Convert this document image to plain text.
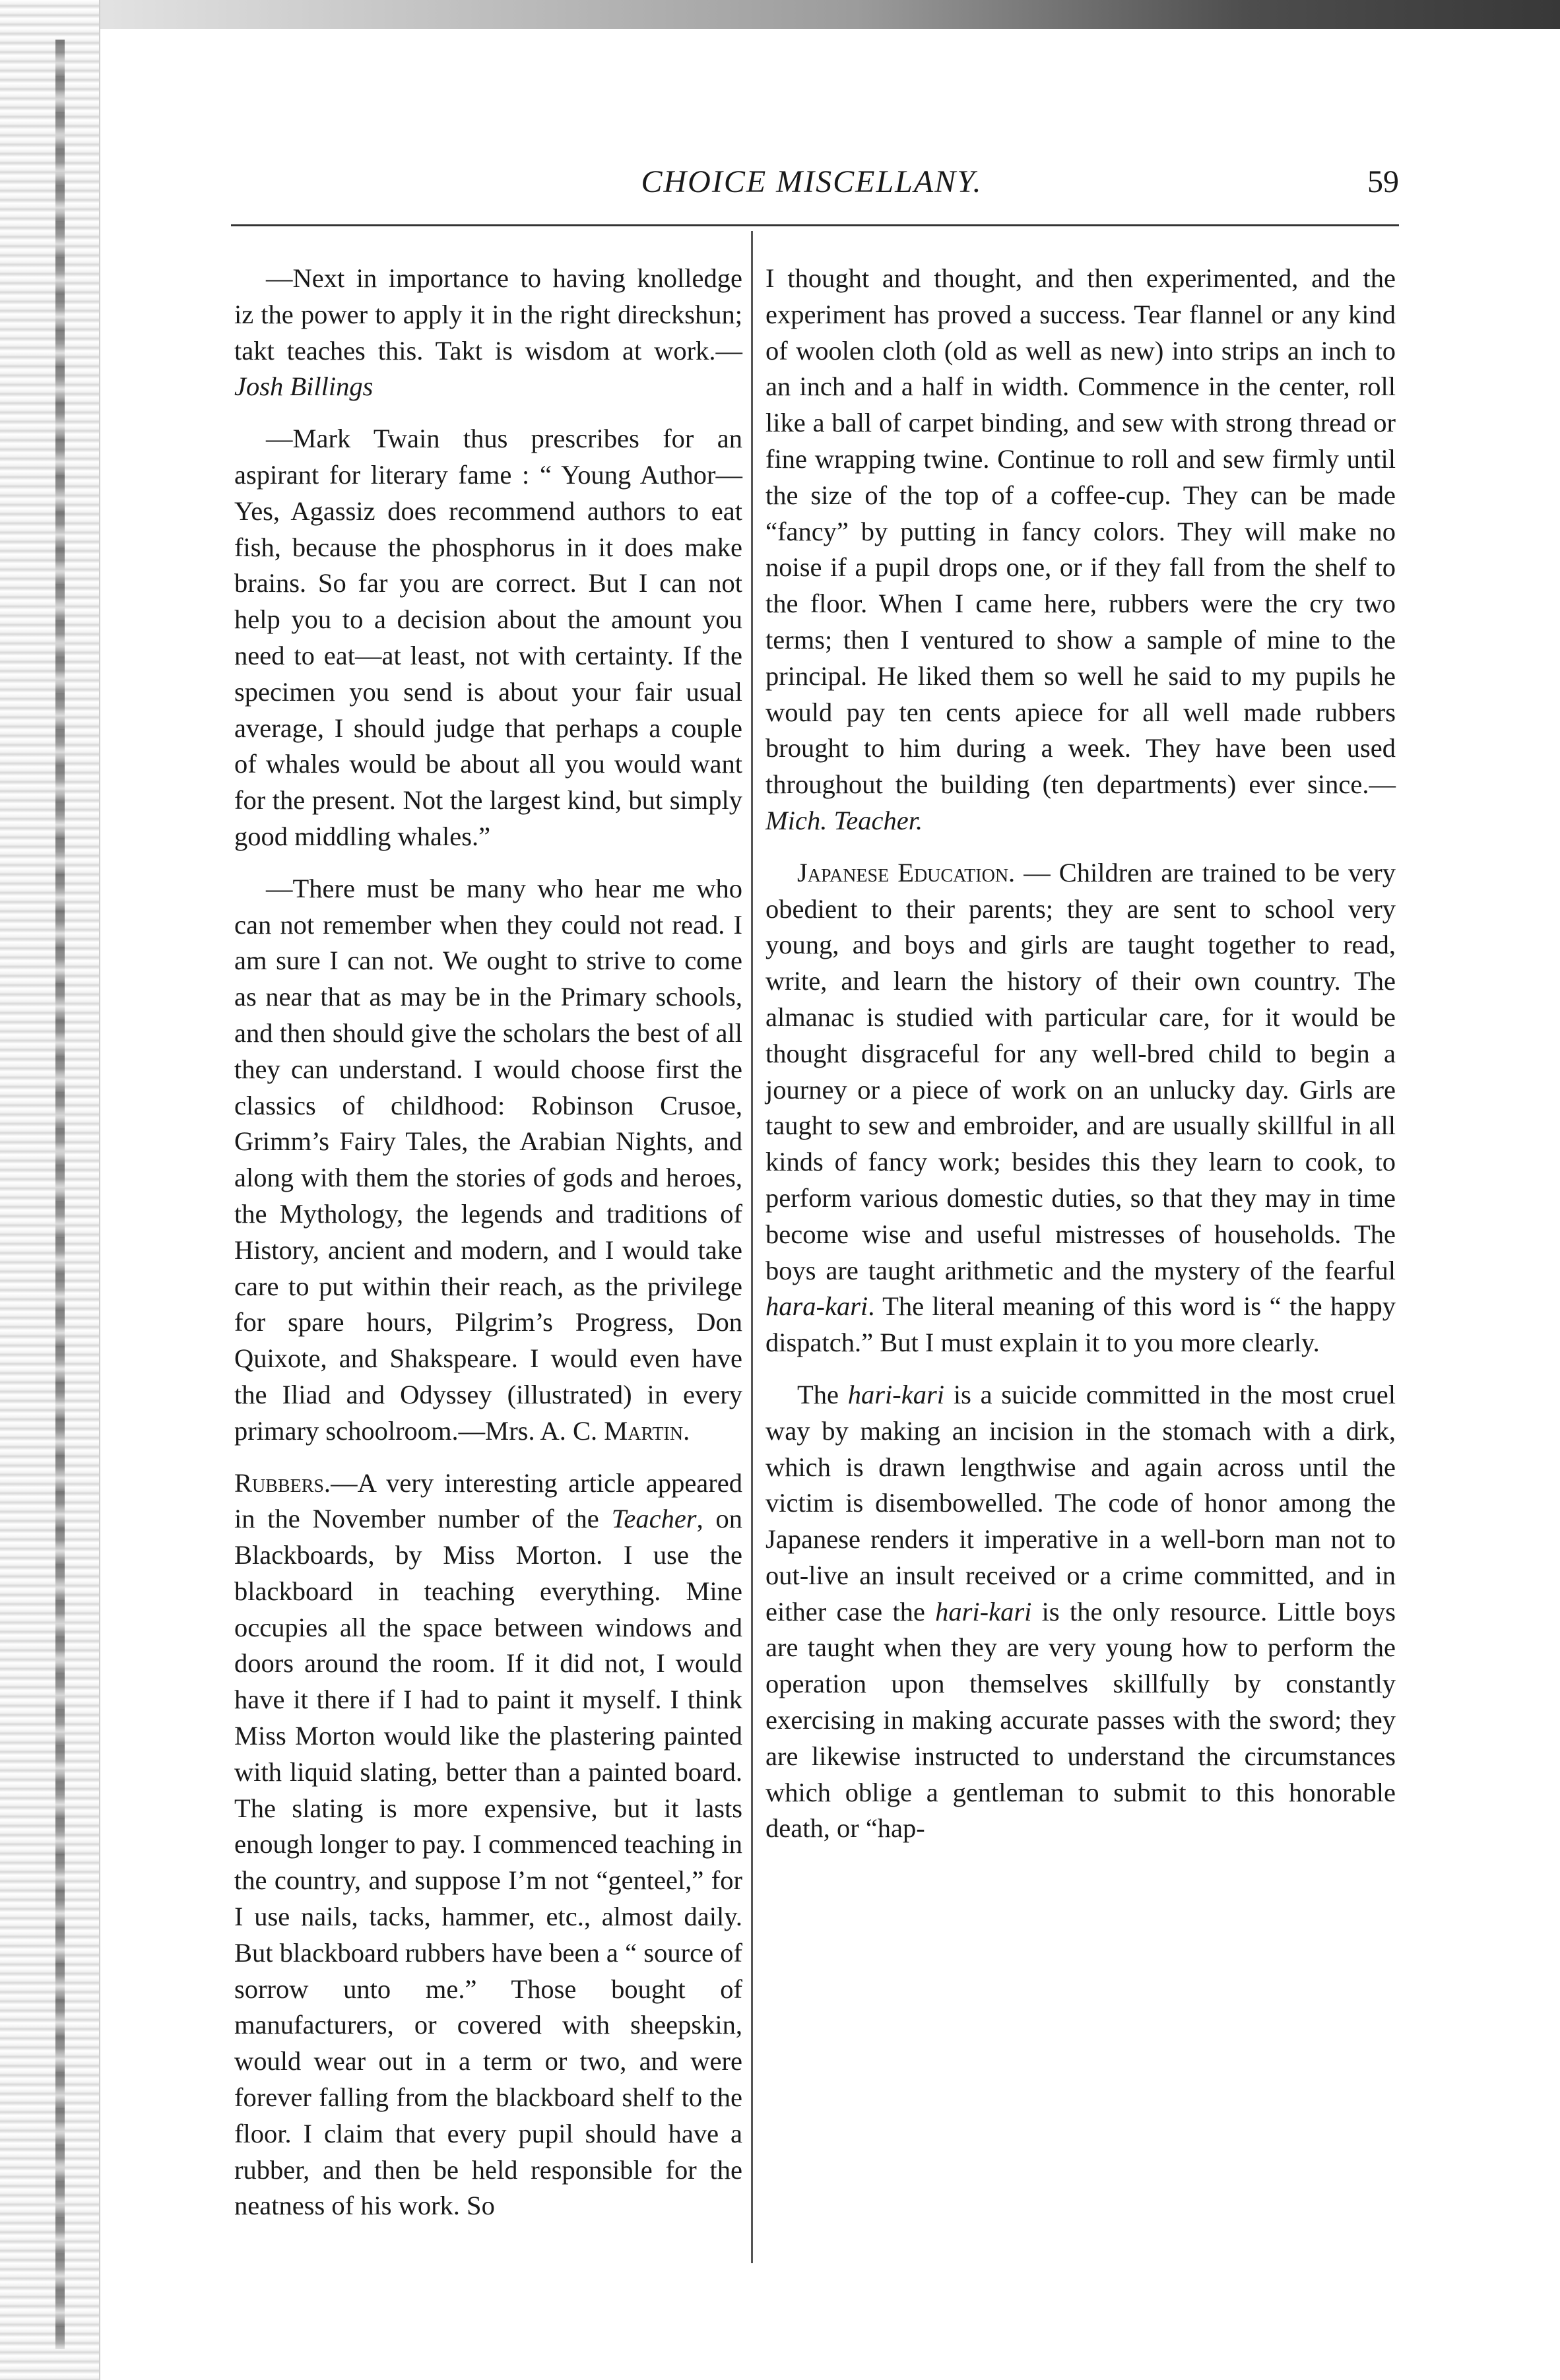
CHOICE MISCELLANY.	59

—Next in importance to having knolledge iz the power to apply it in the right direckshun; takt teaches this. Takt is wisdom at work.—Josh Billings

—Mark Twain thus prescribes for an aspirant for literary fame : “ Young Author—Yes, Agassiz does recommend authors to eat fish, because the phosphorus in it does make brains. So far you are correct. But I can not help you to a decision about the amount you need to eat—at least, not with certainty. If the specimen you send is about your fair usual average, I should judge that perhaps a couple of whales would be about all you would want for the present. Not the largest kind, but simply good middling whales.”

—There must be many who hear me who can not remember when they could not read. I am sure I can not. We ought to strive to come as near that as may be in the Primary schools, and then should give the scholars the best of all they can understand. I would choose first the classics of childhood: Robinson Crusoe, Grimm’s Fairy Tales, the Arabian Nights, and along with them the stories of gods and heroes, the Mythology, the legends and traditions of History, ancient and modern, and I would take care to put within their reach, as the privilege for spare hours, Pilgrim’s Progress, Don Quixote, and Shakspeare. I would even have the Iliad and Odyssey (illustrated) in every primary schoolroom.—Mrs. A. C. Martin.

Rubbers.—A very interesting article appeared in the November number of the Teacher, on Blackboards, by Miss Morton. I use the blackboard in teaching everything. Mine occupies all the space between windows and doors around the room. If it did not, I would have it there if I had to paint it myself. I think Miss Morton would like the plastering painted with liquid slating, better than a painted board. The slating is more expensive, but it lasts enough longer to pay. I commenced teaching in the country, and suppose I’m not “genteel,” for I use nails, tacks, hammer, etc., almost daily. But blackboard rubbers have been a “ source of sorrow unto me.” Those bought of manufacturers, or covered with sheepskin, would wear out in a term or two, and were forever falling from the blackboard shelf to the floor. I claim that every pupil should have a rubber, and then be held responsible for the neatness of his work. So

I thought and thought, and then experimented, and the experiment has proved a success. Tear flannel or any kind of woolen cloth (old as well as new) into strips an inch to an inch and a half in width. Commence in the center, roll like a ball of carpet binding, and sew with strong thread or fine wrapping twine. Continue to roll and sew firmly until the size of the top of a coffee-cup. They can be made “fancy” by putting in fancy colors. They will make no noise if a pupil drops one, or if they fall from the shelf to the floor. When I came here, rubbers were the cry two terms; then I ventured to show a sample of mine to the principal. He liked them so well he said to my pupils he would pay ten cents apiece for all well made rubbers brought to him during a week. They have been used throughout the building (ten departments) ever since.—Mich. Teacher.

Japanese Education. — Children are trained to be very obedient to their parents; they are sent to school very young, and boys and girls are taught together to read, write, and learn the history of their own country. The almanac is studied with particular care, for it would be thought disgraceful for any well-bred child to begin a journey or a piece of work on an unlucky day. Girls are taught to sew and embroider, and are usually skillful in all kinds of fancy work; besides this they learn to cook, to perform various domestic duties, so that they may in time become wise and useful mistresses of households. The boys are taught arithmetic and the mystery of the fearful hara-kari. The literal meaning of this word is “ the happy dispatch.” But I must explain it to you more clearly.

The hari-kari is a suicide committed in the most cruel way by making an incision in the stomach with a dirk, which is drawn lengthwise and again across until the victim is disembowelled. The code of honor among the Japanese renders it imperative in a well-born man not to out-live an insult received or a crime committed, and in either case the hari-kari is the only resource. Little boys are taught when they are very young how to perform the operation upon themselves skillfully by constantly exercising in making accurate passes with the sword; they are likewise instructed to understand the circumstances which oblige a gentleman to submit to this honorable death, or “hap-
